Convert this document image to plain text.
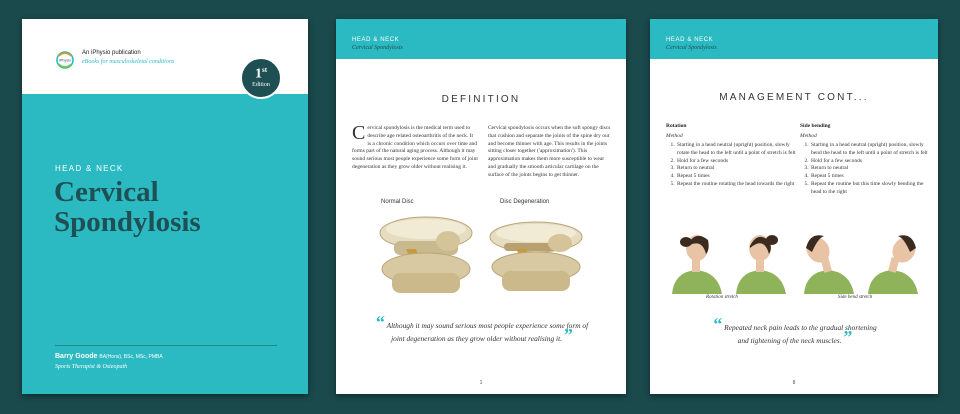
iPhysio
An iPhysio publication
eBooks for musculoskeletal conditions
1st
Edition
HEAD & NECK
Cervical
Spondylosis
Barry Goode BA(Hons), BSc, MSc, PMBA
Sports Therapist & Osteopath
HEAD & NECK
Cervical Spondylosis
DEFINITION
Cervical spondylosis is the medical term used to describe age related osteoarthritis of the neck. It is a chronic condition which occurs over time and forms part of the natural aging process. Although it may sound serious most people experience some form of joint degeneration as they grow older without realising it.
Cervical spondylosis occurs when the soft spongy discs that cushion and separate the joints of the spine dry out and become thinner with age. This results in the joints sitting closer together ('approximation'). This approximation makes them more susceptible to wear and gradually the smooth articular cartilage on the surface of the joints begins to get thinner.
Normal Disc	Disc Degeneration
“ Although it may sound serious most people experience some form of joint degeneration as they grow older without realising it. ”
1
HEAD & NECK
Cervical Spondylosis
MANAGEMENT CONT...
Rotation
Method
1. Starting in a head neutral (upright) position, slowly rotate the head to the left until a point of stretch is felt
2. Hold for a few seconds
3. Return to neutral
4. Repeat 5 times
5. Repeat the routine rotating the head towards the right
Side bending
Method
1. Starting in a head neutral (upright) position, slowly bend the head to the left until a point of stretch is felt
2. Hold for a few seconds
3. Return to neutral
4. Repeat 5 times
5. Repeat the routine but this time slowly bending the head to the right
Rotation stretch	Side bend stretch
“ Repeated neck pain leads to the gradual shortening and tightening of the neck muscles. ”
8
